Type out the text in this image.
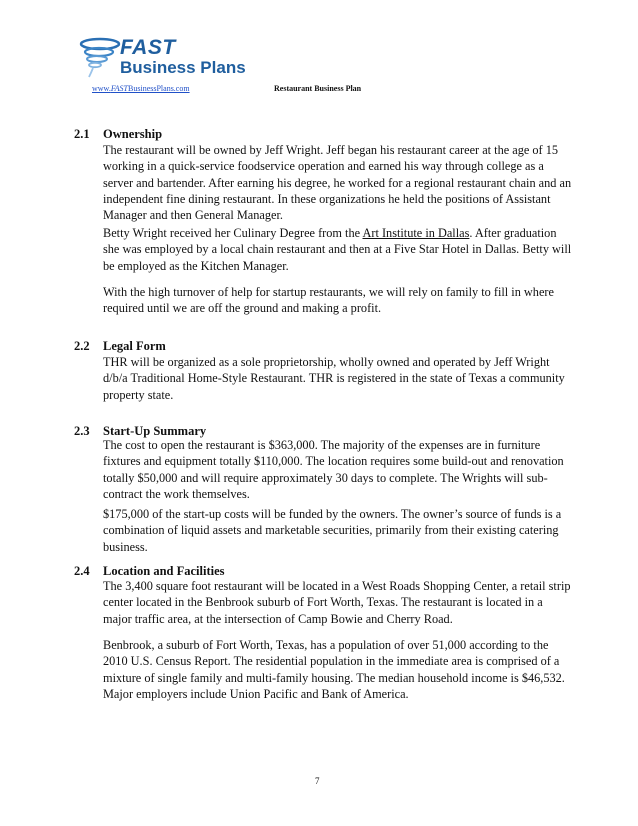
FAST
Business Plans
www.FASTBusinessPlans.com	Restaurant Business Plan
2.1 Ownership

The restaurant will be owned by Jeff Wright. Jeff began his restaurant career at the age of 15 working in a quick-service foodservice operation and earned his way through college as a server and bartender. After earning his degree, he worked for a regional restaurant chain and an independent fine dining restaurant. In these organizations he held the positions of Assistant Manager and then General Manager.

Betty Wright received her Culinary Degree from the Art Institute in Dallas. After graduation she was employed by a local chain restaurant and then at a Five Star Hotel in Dallas. Betty will be employed as the Kitchen Manager.

With the high turnover of help for startup restaurants, we will rely on family to fill in where required until we are off the ground and making a profit.

2.2 Legal Form

THR will be organized as a sole proprietorship, wholly owned and operated by Jeff Wright d/b/a Traditional Home-Style Restaurant. THR is registered in the state of Texas a community property state.

2.3 Start-Up Summary

The cost to open the restaurant is $363,000. The majority of the expenses are in furniture fixtures and equipment totally $110,000. The location requires some build-out and renovation totally $50,000 and will require approximately 30 days to complete. The Wrights will sub-contract the work themselves.

$175,000 of the start-up costs will be funded by the owners. The owner’s source of funds is a combination of liquid assets and marketable securities, primarily from their existing catering business.

2.4 Location and Facilities

The 3,400 square foot restaurant will be located in a West Roads Shopping Center, a retail strip center located in the Benbrook suburb of Fort Worth, Texas. The restaurant is located in a major traffic area, at the intersection of Camp Bowie and Cherry Road.

Benbrook, a suburb of Fort Worth, Texas, has a population of over 51,000 according to the 2010 U.S. Census Report. The residential population in the immediate area is comprised of a mixture of single family and multi-family housing. The median household income is $46,532. Major employers include Union Pacific and Bank of America.

7
